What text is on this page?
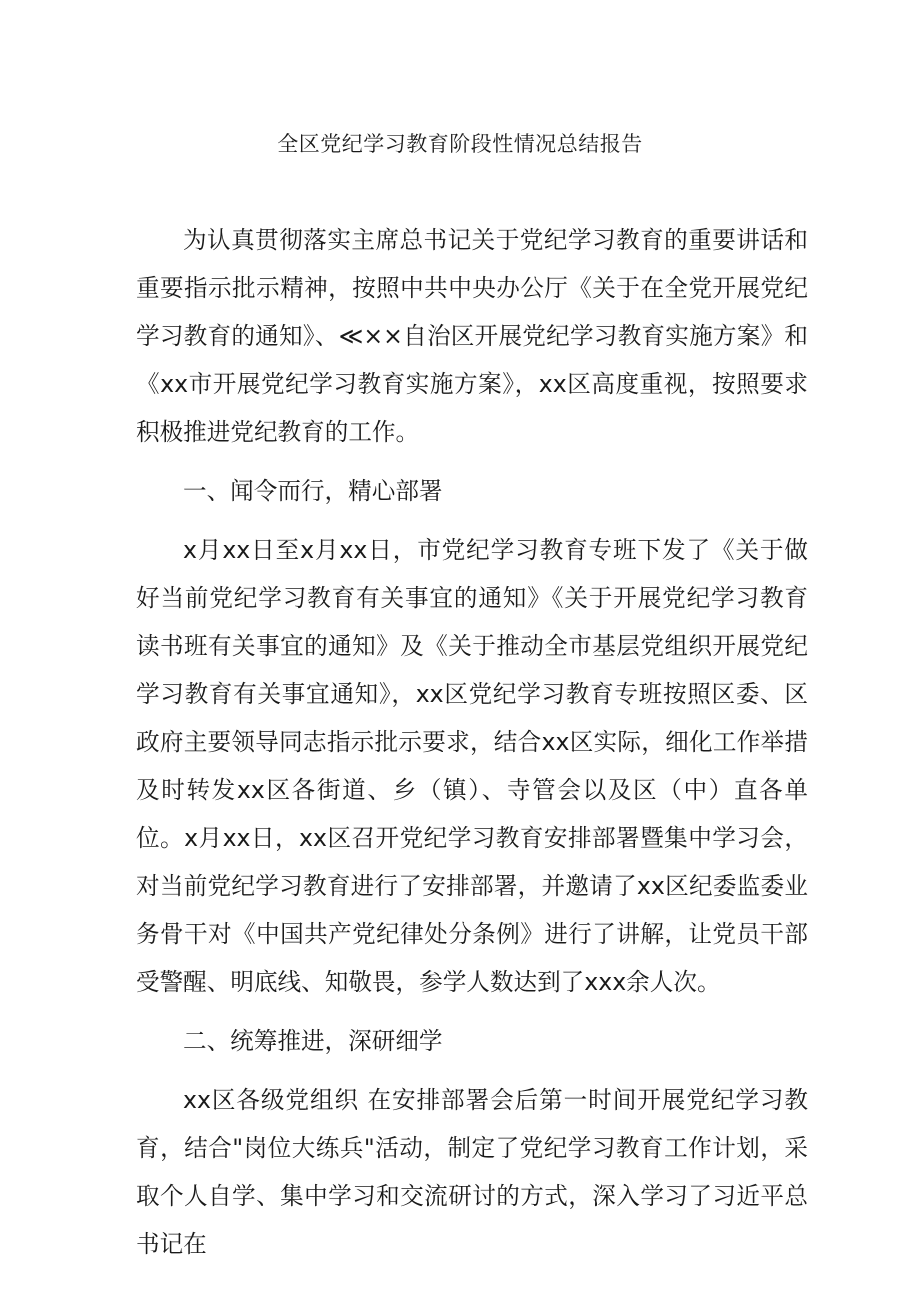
全区党纪学习教育阶段性情况总结报告

为认真贯彻落实主席总书记关于党纪学习教育的重要讲话和重要指示批示精神，按照中共中央办公厅《关于在全党开展党纪学习教育的通知》、≪××自治区开展党纪学习教育实施方案》和《xx市开展党纪学习教育实施方案》，xx区高度重视，按照要求积极推进党纪教育的工作。

一、闻令而行，精心部署

x月xx日至x月xx日，市党纪学习教育专班下发了《关于做好当前党纪学习教育有关事宜的通知》《关于开展党纪学习教育读书班有关事宜的通知》及《关于推动全市基层党组织开展党纪学习教育有关事宜通知》，xx区党纪学习教育专班按照区委、区政府主要领导同志指示批示要求，结合xx区实际，细化工作举措及时转发xx区各街道、乡（镇）、寺管会以及区（中）直各单位。x月xx日，xx区召开党纪学习教育安排部署暨集中学习会，对当前党纪学习教育进行了安排部署，并邀请了xx区纪委监委业务骨干对《中国共产党纪律处分条例》进行了讲解，让党员干部受警醒、明底线、知敬畏，参学人数达到了xxx余人次。

二、统筹推进，深研细学

xx区各级党组织 在安排部署会后第一时间开展党纪学习教育，结合"岗位大练兵"活动，制定了党纪学习教育工作计划，采取个人自学、集中学习和交流研讨的方式，深入学习了习近平总书记在
